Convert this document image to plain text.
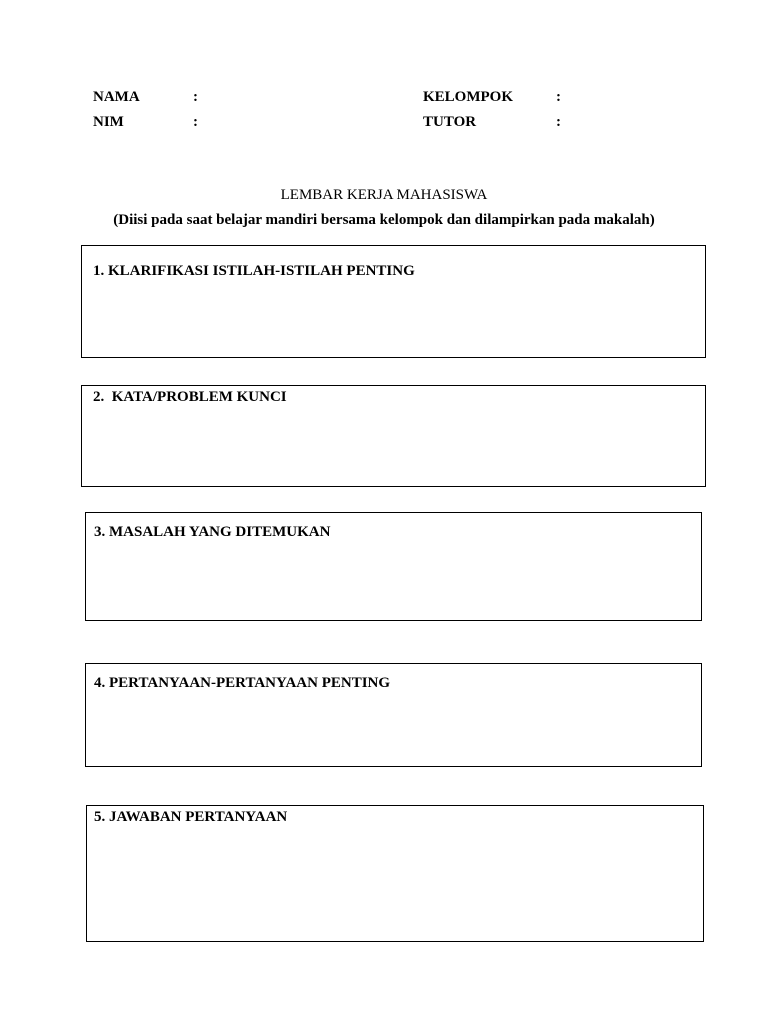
NAMA	:	KELOMPOK	:
NIM	:	TUTOR	:
LEMBAR KERJA MAHASISWA
(Diisi pada saat belajar mandiri bersama kelompok dan dilampirkan pada makalah)
1. KLARIFIKASI ISTILAH-ISTILAH PENTING
2.  KATA/PROBLEM KUNCI
3. MASALAH YANG DITEMUKAN
4. PERTANYAAN-PERTANYAAN PENTING
5. JAWABAN PERTANYAAN
